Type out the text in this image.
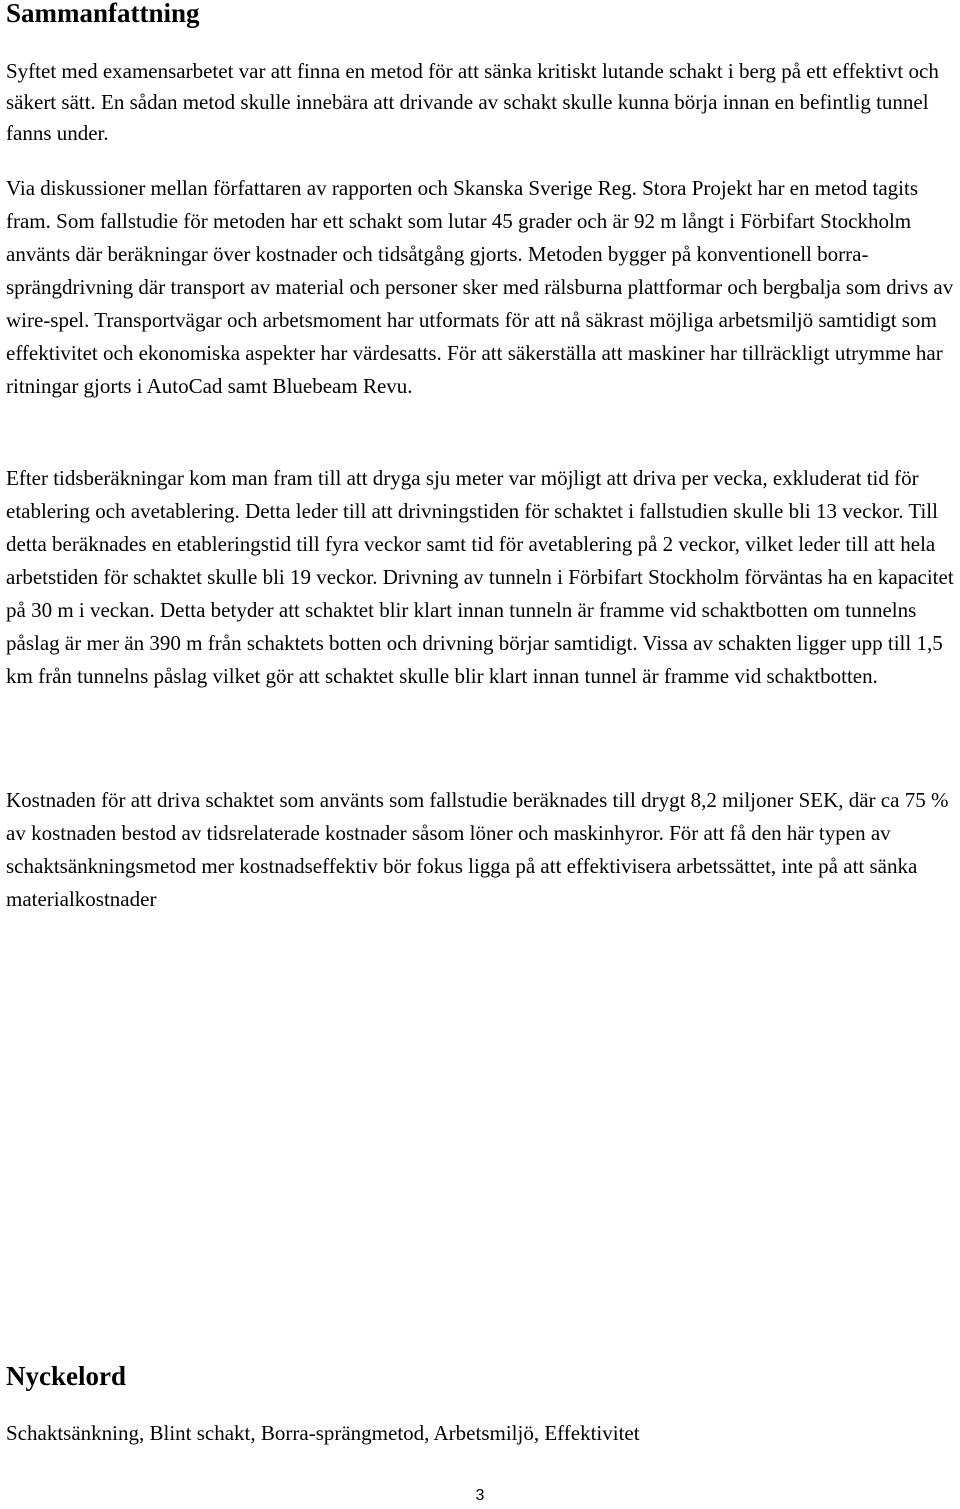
Sammanfattning

Syftet med examensarbetet var att finna en metod för att sänka kritiskt lutande schakt i berg på ett effektivt och säkert sätt. En sådan metod skulle innebära att drivande av schakt skulle kunna börja innan en befintlig tunnel fanns under.

Via diskussioner mellan författaren av rapporten och Skanska Sverige Reg. Stora Projekt har en metod tagits fram. Som fallstudie för metoden har ett schakt som lutar 45 grader och är 92 m långt i Förbifart Stockholm använts där beräkningar över kostnader och tidsåtgång gjorts. Metoden bygger på konventionell borra-sprängdrivning där transport av material och personer sker med rälsburna plattformar och bergbalja som drivs av wire-spel. Transportvägar och arbetsmoment har utformats för att nå säkrast möjliga arbetsmiljö samtidigt som effektivitet och ekonomiska aspekter har värdesatts. För att säkerställa att maskiner har tillräckligt utrymme har ritningar gjorts i AutoCad samt Bluebeam Revu.

Efter tidsberäkningar kom man fram till att dryga sju meter var möjligt att driva per vecka, exkluderat tid för etablering och avetablering. Detta leder till att drivningstiden för schaktet i fallstudien skulle bli 13 veckor. Till detta beräknades en etableringstid till fyra veckor samt tid för avetablering på 2 veckor, vilket leder till att hela arbetstiden för schaktet skulle bli 19 veckor. Drivning av tunneln i Förbifart Stockholm förväntas ha en kapacitet på 30 m i veckan. Detta betyder att schaktet blir klart innan tunneln är framme vid schaktbotten om tunnelns påslag är mer än 390 m från schaktets botten och drivning börjar samtidigt. Vissa av schakten ligger upp till 1,5 km från tunnelns påslag vilket gör att schaktet skulle blir klart innan tunnel är framme vid schaktbotten.

Kostnaden för att driva schaktet som använts som fallstudie beräknades till drygt 8,2 miljoner SEK, där ca 75 % av kostnaden bestod av tidsrelaterade kostnader såsom löner och maskinhyror. För att få den här typen av schaktsänkningsmetod mer kostnadseffektiv bör fokus ligga på att effektivisera arbetssättet, inte på att sänka materialkostnader

Nyckelord

Schaktsänkning, Blint schakt, Borra-sprängmetod, Arbetsmiljö, Effektivitet

3
